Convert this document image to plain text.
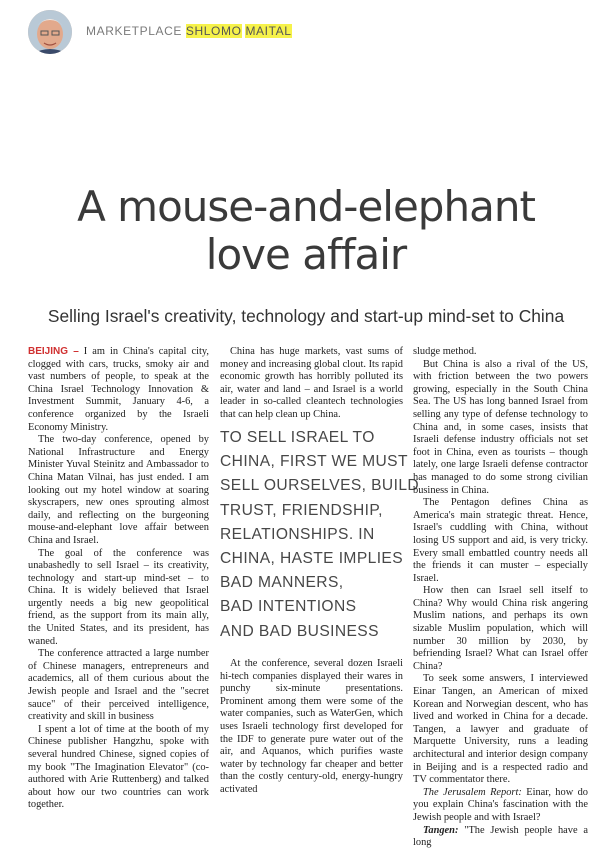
MARKETPLACE SHLOMO MAITAL
A mouse-and-elephant
love affair
Selling Israel's creativity, technology and start-up mind-set to China

BEIJING – I am in China's capital city, clogged with cars, trucks, smoky air and vast numbers of people, to speak at the China Israel Technology Innovation & Investment Summit, January 4-6, a conference organized by the Israeli Economy Ministry.

The two-day conference, opened by National Infrastructure and Energy Minister Yuval Steinitz and Ambassador to China Matan Vilnai, has just ended. I am looking out my hotel window at soaring skyscrapers, new ones sprouting almost daily, and reflecting on the burgeoning mouse-and-elephant love affair between China and Israel.

The goal of the conference was unabashedly to sell Israel – its creativity, technology and start-up mind-set – to China. It is widely believed that Israel urgently needs a big new geopolitical friend, as the support from its main ally, the United States, and its president, has waned.

The conference attracted a large number of Chinese managers, entrepreneurs and academics, all of them curious about the Jewish people and Israel and the "secret sauce" of their perceived intelligence, creativity and skill in business

I spent a lot of time at the booth of my Chinese publisher Hangzhu, spoke with several hundred Chinese, signed copies of my book "The Imagination Elevator" (co-authored with Arie Ruttenberg) and talked about how our two countries can work together.

China has huge markets, vast sums of money and increasing global clout. Its rapid economic growth has horribly polluted its air, water and land – and Israel is a world leader in so-called cleantech technologies that can help clean up China.

TO SELL ISRAEL TO
CHINA, FIRST WE MUST
SELL OURSELVES, BUILD
TRUST, FRIENDSHIP,
RELATIONSHIPS. IN
CHINA, HASTE IMPLIES
BAD MANNERS,
BAD INTENTIONS
AND BAD BUSINESS

At the conference, several dozen Israeli hi-tech companies displayed their wares in punchy six-minute presentations. Prominent among them were some of the water companies, such as WaterGen, which uses Israeli technology first developed for the IDF to generate pure water out of the air, and Aquanos, which purifies waste water by technology far cheaper and better than the costly century-old, energy-hungry activated

sludge method.

But China is also a rival of the US, with friction between the two powers growing, especially in the South China Sea. The US has long banned Israel from selling any type of defense technology to China and, in some cases, insists that Israeli defense industry officials not set foot in China, even as tourists – though lately, one large Israeli defense contractor has managed to do some strong civilian business in China.

The Pentagon defines China as America's main strategic threat. Hence, Israel's cuddling with China, without losing US support and aid, is very tricky. Every small embattled country needs all the friends it can muster – especially Israel.

How then can Israel sell itself to China? Why would China risk angering Muslim nations, and perhaps its own sizable Muslim population, which will number 30 million by 2030, by befriending Israel? What can Israel offer China?

To seek some answers, I interviewed Einar Tangen, an American of mixed Korean and Norwegian descent, who has lived and worked in China for a decade. Tangen, a lawyer and graduate of Marquette University, runs a leading architectural and interior design company in Beijing and is a respected radio and TV commentator there.

The Jerusalem Report: Einar, how do you explain China's fascination with the Jewish people and with Israel?

Tangen: "The Jewish people have a long
